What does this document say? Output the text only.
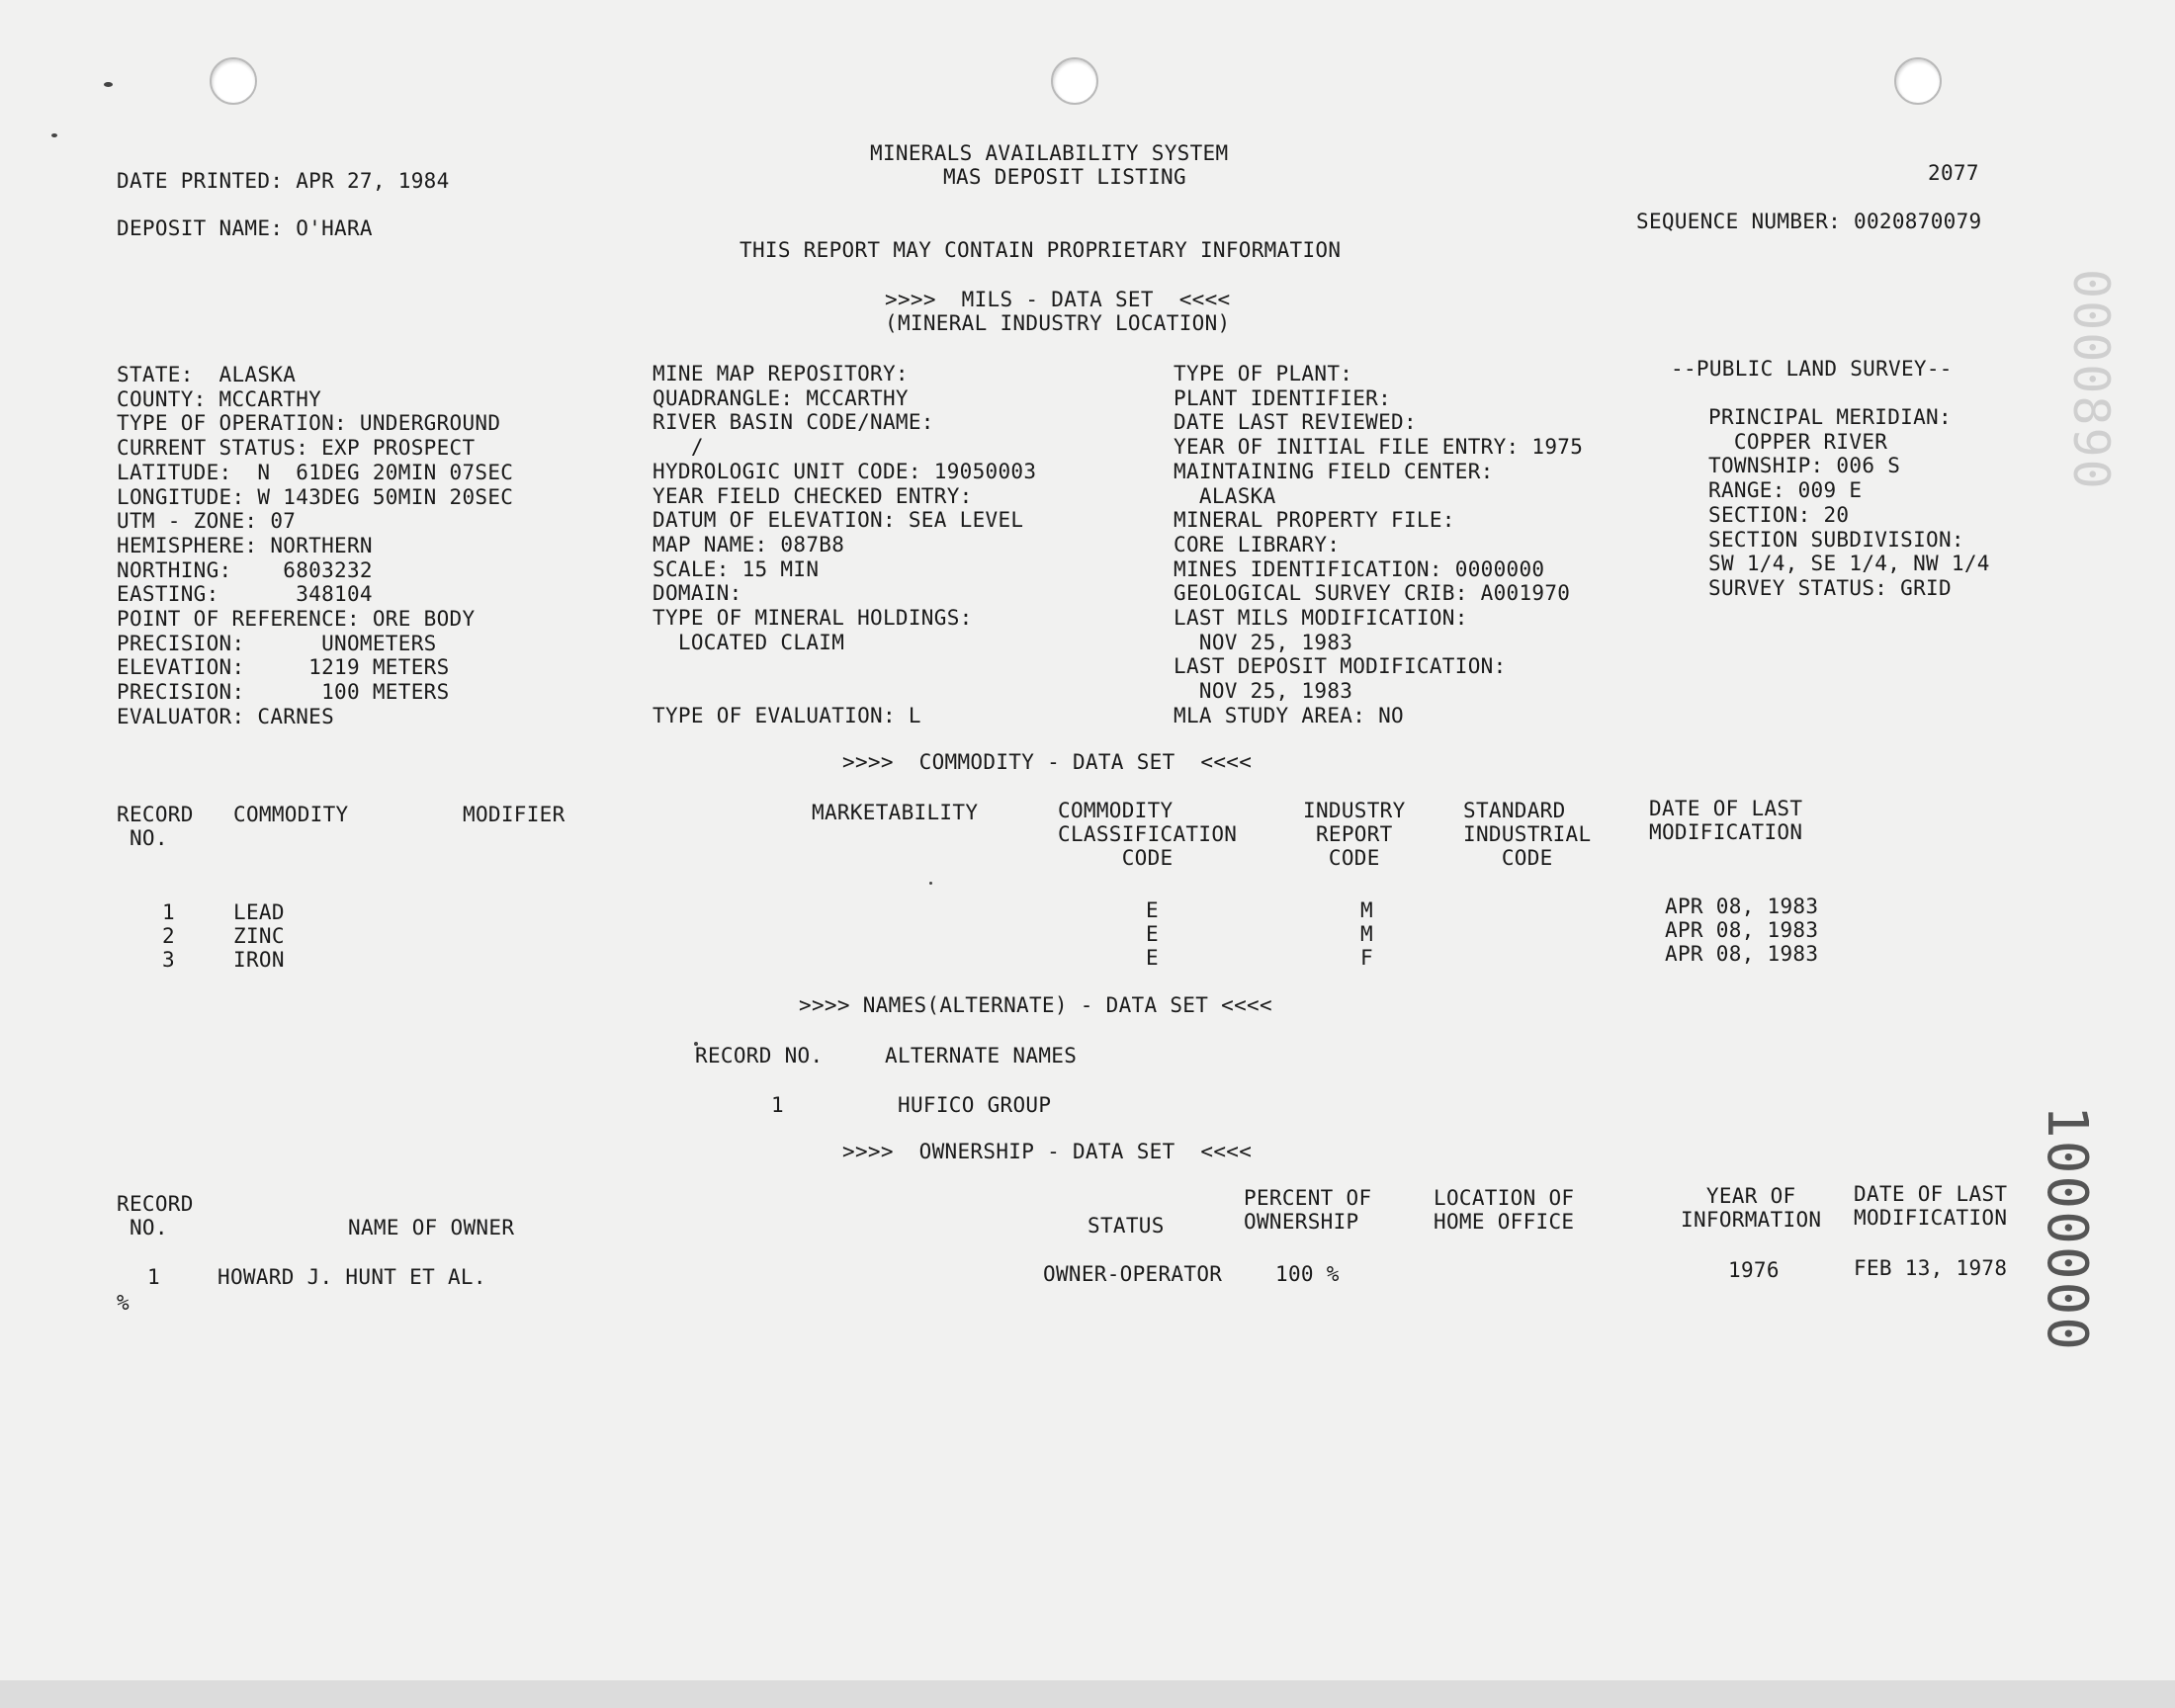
MINERALS AVAILABILITY SYSTEM
MAS DEPOSIT LISTING	2077
DATE PRINTED: APR 27, 1984
DEPOSIT NAME: O'HARA	SEQUENCE NUMBER: 0020870079
THIS REPORT MAY CONTAIN PROPRIETARY INFORMATION
>>>>  MILS - DATA SET  <<<<
(MINERAL INDUSTRY LOCATION)
STATE:  ALASKA
COUNTY: MCCARTHY
TYPE OF OPERATION: UNDERGROUND
CURRENT STATUS: EXP PROSPECT
LATITUDE:  N  61DEG 20MIN 07SEC
LONGITUDE: W 143DEG 50MIN 20SEC
UTM - ZONE: 07
HEMISPHERE: NORTHERN
NORTHING:    6803232
EASTING:      348104
POINT OF REFERENCE: ORE BODY
PRECISION:      UNOMETERS
ELEVATION:     1219 METERS
PRECISION:      100 METERS
EVALUATOR: CARNES
MINE MAP REPOSITORY:
QUADRANGLE: MCCARTHY
RIVER BASIN CODE/NAME:
/
HYDROLOGIC UNIT CODE: 19050003
YEAR FIELD CHECKED ENTRY:
DATUM OF ELEVATION: SEA LEVEL
MAP NAME: 087B8
SCALE: 15 MIN
DOMAIN:
TYPE OF MINERAL HOLDINGS:
LOCATED CLAIM
TYPE OF EVALUATION: L
TYPE OF PLANT:
PLANT IDENTIFIER:
DATE LAST REVIEWED:
YEAR OF INITIAL FILE ENTRY: 1975
MAINTAINING FIELD CENTER:
ALASKA
MINERAL PROPERTY FILE:
CORE LIBRARY:
MINES IDENTIFICATION: 0000000
GEOLOGICAL SURVEY CRIB: A001970
LAST MILS MODIFICATION:
NOV 25, 1983
LAST DEPOSIT MODIFICATION:
NOV 25, 1983
MLA STUDY AREA: NO
--PUBLIC LAND SURVEY--
PRINCIPAL MERIDIAN:
COPPER RIVER
TOWNSHIP: 006 S
RANGE: 009 E
SECTION: 20
SECTION SUBDIVISION:
SW 1/4, SE 1/4, NW 1/4
SURVEY STATUS: GRID
>>>>  COMMODITY - DATA SET  <<<<
RECORD
NO.
COMMODITY	MODIFIER	MARKETABILITY	COMMODITY
CLASSIFICATION
CODE
INDUSTRY
REPORT
CODE
STANDARD
INDUSTRIAL
CODE
DATE OF LAST
MODIFICATION
1	LEAD	E	M	APR 08, 1983
2	ZINC	E	M	APR 08, 1983
3	IRON	E	F	APR 08, 1983
>>>> NAMES(ALTERNATE) - DATA SET <<<<
RECORD NO.	ALTERNATE NAMES
1	HUFICO GROUP
>>>>  OWNERSHIP - DATA SET  <<<<
RECORD
NO.	NAME OF OWNER	STATUS
PERCENT OF
OWNERSHIP
LOCATION OF
HOME OFFICE
YEAR OF
INFORMATION
DATE OF LAST
MODIFICATION
1	HOWARD J. HUNT ET AL.	OWNER-OPERATOR	100 %	1976	FEB 13, 1978
%
0000890
1000000
